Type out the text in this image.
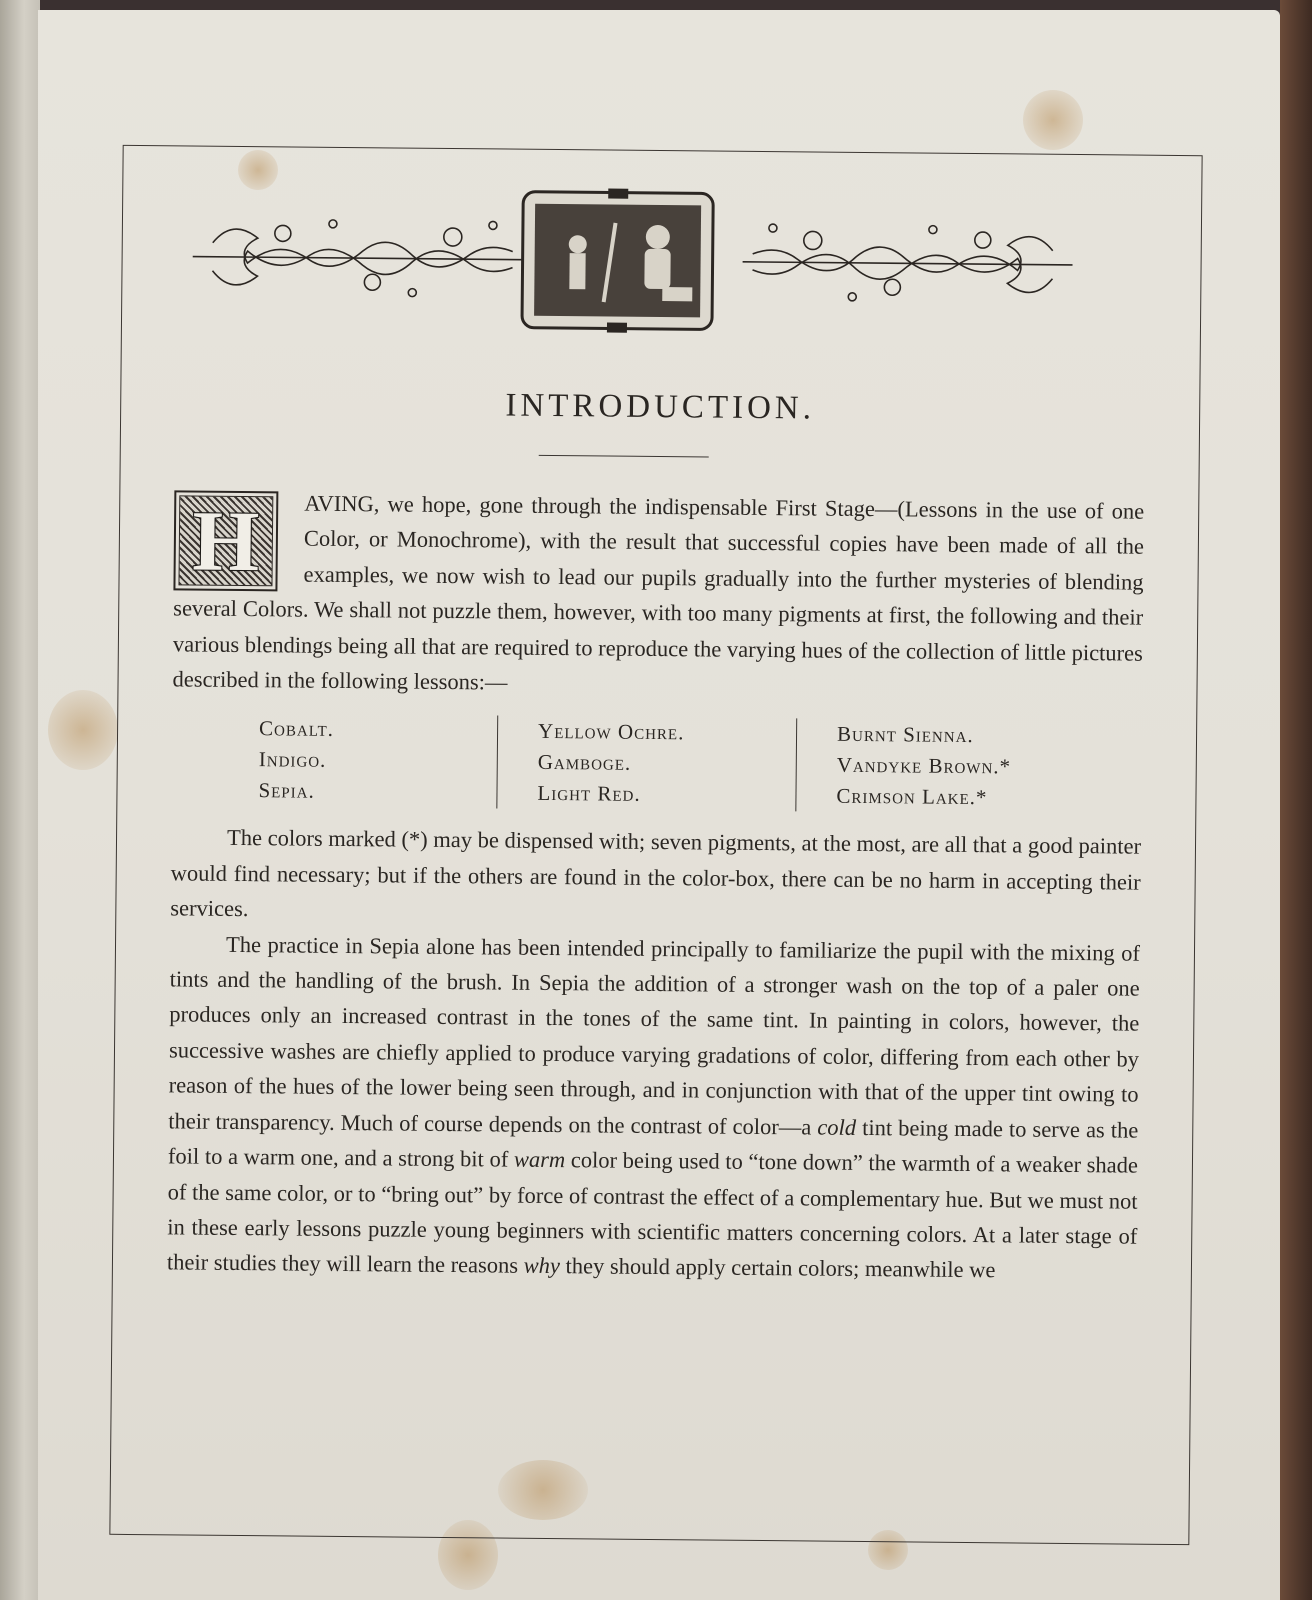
INTRODUCTION.
H	AVING, we hope, gone through the indispensable First Stage—(Lessons in the use of one Color, or Monochrome), with the result that successful copies have been made of all the examples, we now wish to lead our pupils gradually into the further mysteries of blending several Colors. We shall not puzzle them, however, with too many pigments at first, the following and their various blendings being all that are required to reproduce the varying hues of the collection of little pictures described in the following lessons:—

Cobalt.
Indigo.
Sepia.
Yellow Ochre.
Gamboge.
Light Red.
Burnt Sienna.
Vandyke Brown.*
Crimson Lake.*

The colors marked (*) may be dispensed with; seven pigments, at the most, are all that a good painter would find necessary; but if the others are found in the color-box, there can be no harm in accepting their services.

The practice in Sepia alone has been intended principally to familiarize the pupil with the mixing of tints and the handling of the brush. In Sepia the addition of a stronger wash on the top of a paler one produces only an increased contrast in the tones of the same tint. In painting in colors, however, the successive washes are chiefly applied to produce varying gradations of color, differing from each other by reason of the hues of the lower being seen through, and in conjunction with that of the upper tint owing to their transparency. Much of course depends on the contrast of color—a cold tint being made to serve as the foil to a warm one, and a strong bit of warm color being used to “tone down” the warmth of a weaker shade of the same color, or to “bring out” by force of contrast the effect of a complementary hue. But we must not in these early lessons puzzle young beginners with scientific matters concerning colors. At a later stage of their studies they will learn the reasons why they should apply certain colors; meanwhile we
